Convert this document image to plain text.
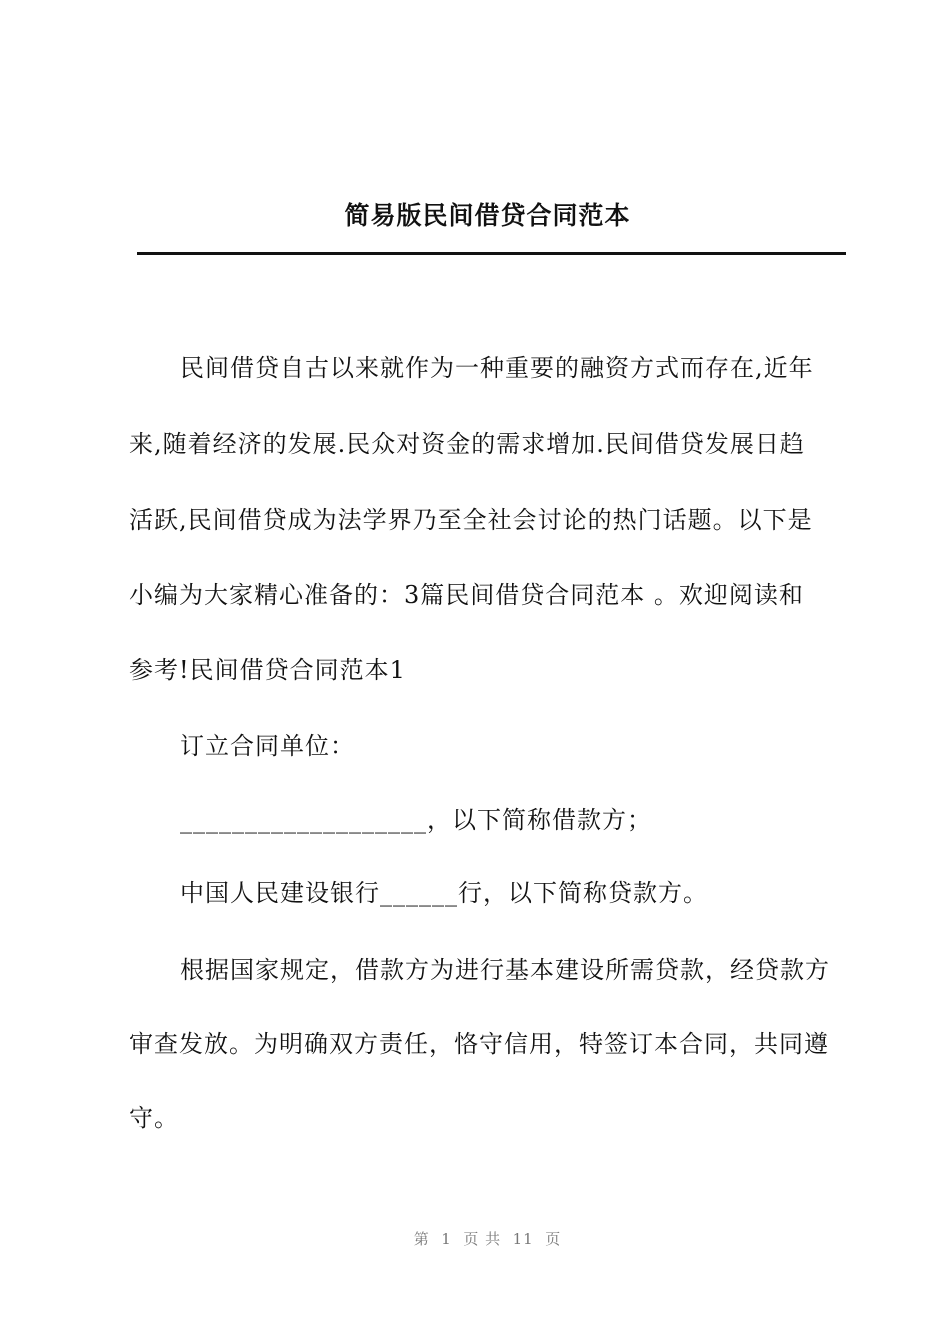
简易版民间借贷合同范本
民间借贷自古以来就作为一种重要的融资方式而存在,近年
来,随着经济的发展.民众对资金的需求增加.民间借贷发展日趋
活跃,民间借贷成为法学界乃至全社会讨论的热门话题。以下是
小编为大家精心准备的：3篇民间借贷合同范本 。欢迎阅读和
参考!民间借贷合同范本1
订立合同单位：
___________________，以下简称借款方；
中国人民建设银行______行，以下简称贷款方。
根据国家规定，借款方为进行基本建设所需贷款，经贷款方
审查发放。为明确双方责任，恪守信用，特签订本合同，共同遵
守。
第  1  页 共  11  页
